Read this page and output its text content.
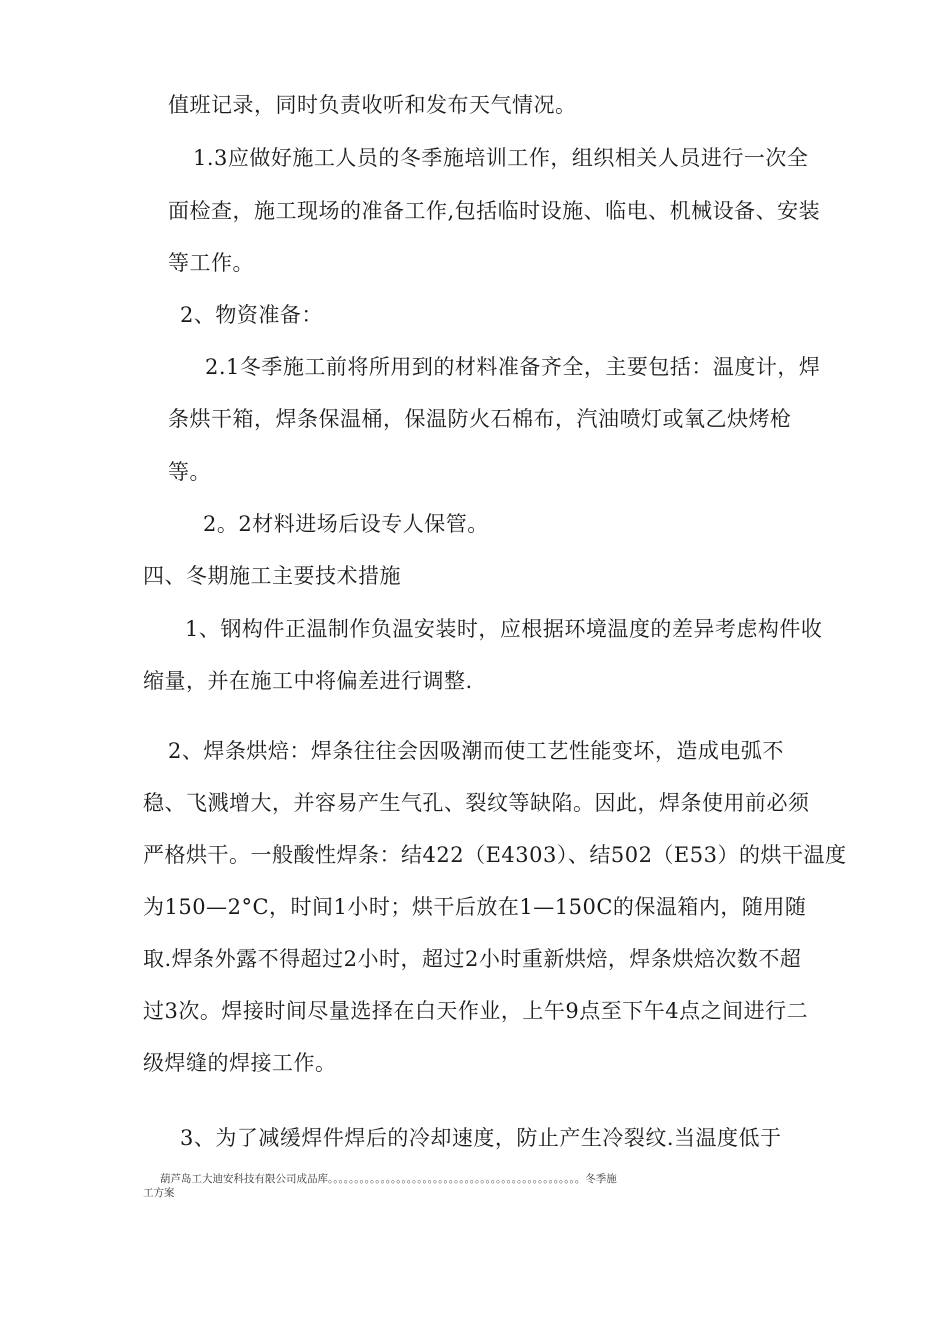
值班记录，同时负责收听和发布天气情况。
1.3应做好施工人员的冬季施培训工作，组织相关人员进行一次全
面检查，施工现场的准备工作,包括临时设施、临电、机械设备、安装
等工作。
2、物资准备：
2.1冬季施工前将所用到的材料准备齐全，主要包括：温度计，焊
条烘干箱，焊条保温桶，保温防火石棉布，汽油喷灯或氧乙炔烤枪
等。
2。2材料进场后设专人保管。
四、冬期施工主要技术措施
1、钢构件正温制作负温安装时，应根据环境温度的差异考虑构件收
缩量，并在施工中将偏差进行调整.
2、焊条烘焙：焊条往往会因吸潮而使工艺性能变坏，造成电弧不
稳、飞溅增大，并容易产生气孔、裂纹等缺陷。因此，焊条使用前必须
严格烘干。一般酸性焊条：结422（E4303）、结502（E53）的烘干温度
为150—2°C，时间1小时；烘干后放在1—150C的保温箱内，随用随
取.焊条外露不得超过2小时，超过2小时重新烘焙，焊条烘焙次数不超
过3次。焊接时间尽量选择在白天作业，上午9点至下午4点之间进行二
级焊缝的焊接工作。
3、为了减缓焊件焊后的冷却速度，防止产生冷裂纹.当温度低于
葫芦岛工大迪安科技有限公司成品库。。。。。。。。。。。。。。。。。。。。。。。。。。。。。。。。。。。。。。。。。。。。。。。。冬季施
工方案
